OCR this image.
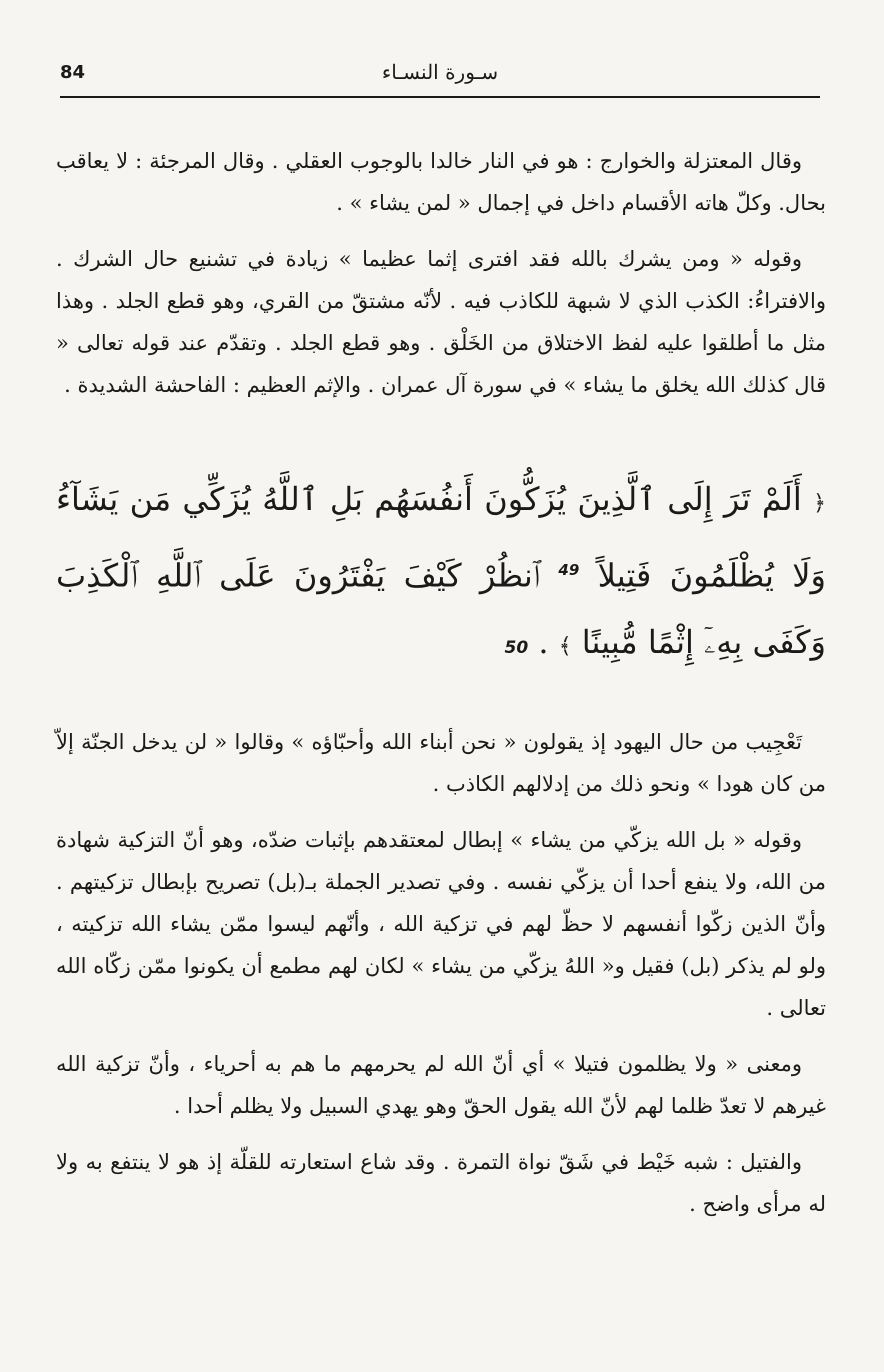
84	سـورة النسـاء

وقال المعتزلة والخوارج : هو في النار خالدا بالوجوب العقلي . وقال المرجئة : لا يعاقب بحال. وكلّ هاته الأقسام داخل في إجمال « لمن يشاء » .

وقوله « ومن يشرك بالله فقد افترى إثما عظيما » زيادة في تشنيع حال الشرك . والافتراءُ: الكذب الذي لا شبهة للكاذب فيه . لأنّه مشتقّ من القري، وهو قطع الجلد . وهذا مثل ما أطلقوا عليه لفظ الاختلاق من الخَلْق . وهو قطع الجلد . وتقدّم عند قوله تعالى « قال كذلك الله يخلق ما يشاء » في سورة آل عمران . والإثم العظيم : الفاحشة الشديدة .

﴿ أَلَمْ تَرَ إِلَى ٱلَّذِينَ يُزَكُّونَ أَنفُسَهُم بَلِ ٱللَّهُ يُزَكِّي مَن يَشَآءُ وَلَا يُظْلَمُونَ فَتِيلاً $^{49}$ ٱنظُرْ كَيْفَ يَفْتَرُونَ عَلَى ٱللَّهِ ٱلْكَذِبَ وَكَفَى بِهِۦٓ إِثْمًا مُّبِينًا ﴾ . 50

تَعْجِيب من حال اليهود إذ يقولون « نحن أبناء الله وأحبّاؤه » وقالوا « لن يدخل الجنّة إلاّ من كان هودا » ونحو ذلك من إدلالهم الكاذب .

وقوله « بل الله يزكّي من يشاء » إبطال لمعتقدهم بإثبات ضدّه، وهو أنّ التزكية شهادة من الله، ولا ينفع أحدا أن يزكّي نفسه . وفي تصدير الجملة بـ(بل) تصريح بإبطال تزكيتهم . وأنّ الذين زكّوا أنفسهم لا حظّ لهم في تزكية الله ، وأنّهم ليسوا ممّن يشاء الله تزكيته ، ولو لم يذكر (بل) فقيل و« اللهُ يزكّي من يشاء » لكان لهم مطمع أن يكونوا ممّن زكّاه الله تعالى .

ومعنى « ولا يظلمون فتيلا » أي أنّ الله لم يحرمهم ما هم به أحرياء ، وأنّ تزكية الله غيرهم لا تعدّ ظلما لهم لأنّ الله يقول الحقّ وهو يهدي السبيل ولا يظلم أحدا .

والفتيل : شبه خَيْط في شَقّ نواة التمرة . وقد شاع استعارته للقلّة إذ هو لا ينتفع به ولا له مرأى واضح .
